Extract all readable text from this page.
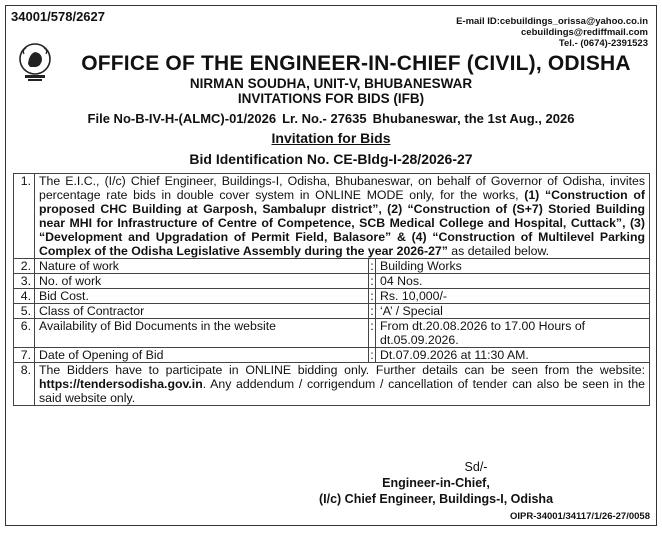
34001/578/2627	E-mail ID:cebuildings_orissa@yahoo.co.in
cebuildings@rediffmail.com
Tel.- (0674)-2391523
OFFICE OF THE ENGINEER-IN-CHIEF (CIVIL), ODISHA
NIRMAN SOUDHA, UNIT-V, BHUBANESWAR
INVITATIONS FOR BIDS (IFB)
File No-B-IV-H-(ALMC)-01/2026 Lr. No.- 27635 Bhubaneswar, the 1st Aug., 2026
Invitation for Bids
Bid Identification No. CE-Bldg-I-28/2026-27
1.	The E.I.C., (I/c) Chief Engineer, Buildings-I, Odisha, Bhubaneswar, on behalf of Governor of Odisha, invites percentage rate bids in double cover system in ONLINE MODE only, for the works, (1) “Construction of proposed CHC Building at Garposh, Sambalupr district”, (2) “Construction of (S+7) Storied Building near MHI for Infrastructure of Centre of Competence, SCB Medical College and Hospital, Cuttack”, (3) “Development and Upgradation of Permit Field, Balasore” & (4) “Construction of Multilevel Parking Complex of the Odisha Legislative Assembly during the year 2026-27” as detailed below.		
2.	Nature of work	:	Building Works
3.	No. of work	:	04 Nos.
4.	Bid Cost.	:	Rs. 10,000/-
5.	Class of Contractor	:	‘A’ / Special
6.	Availability of Bid Documents in the website	:	From dt.20.08.2026 to 17.00 Hours of dt.05.09.2026.
7.	Date of Opening of Bid	:	Dt.07.09.2026 at 11:30 AM.
8.	The Bidders have to participate in ONLINE bidding only. Further details can be seen from the website: https://tendersodisha.gov.in. Any addendum / corrigendum / cancellation of tender can also be seen in the said website only.		
Sd/-
Engineer-in-Chief,
(I/c) Chief Engineer, Buildings-I, Odisha
OIPR-34001/34117/1/26-27/0058
